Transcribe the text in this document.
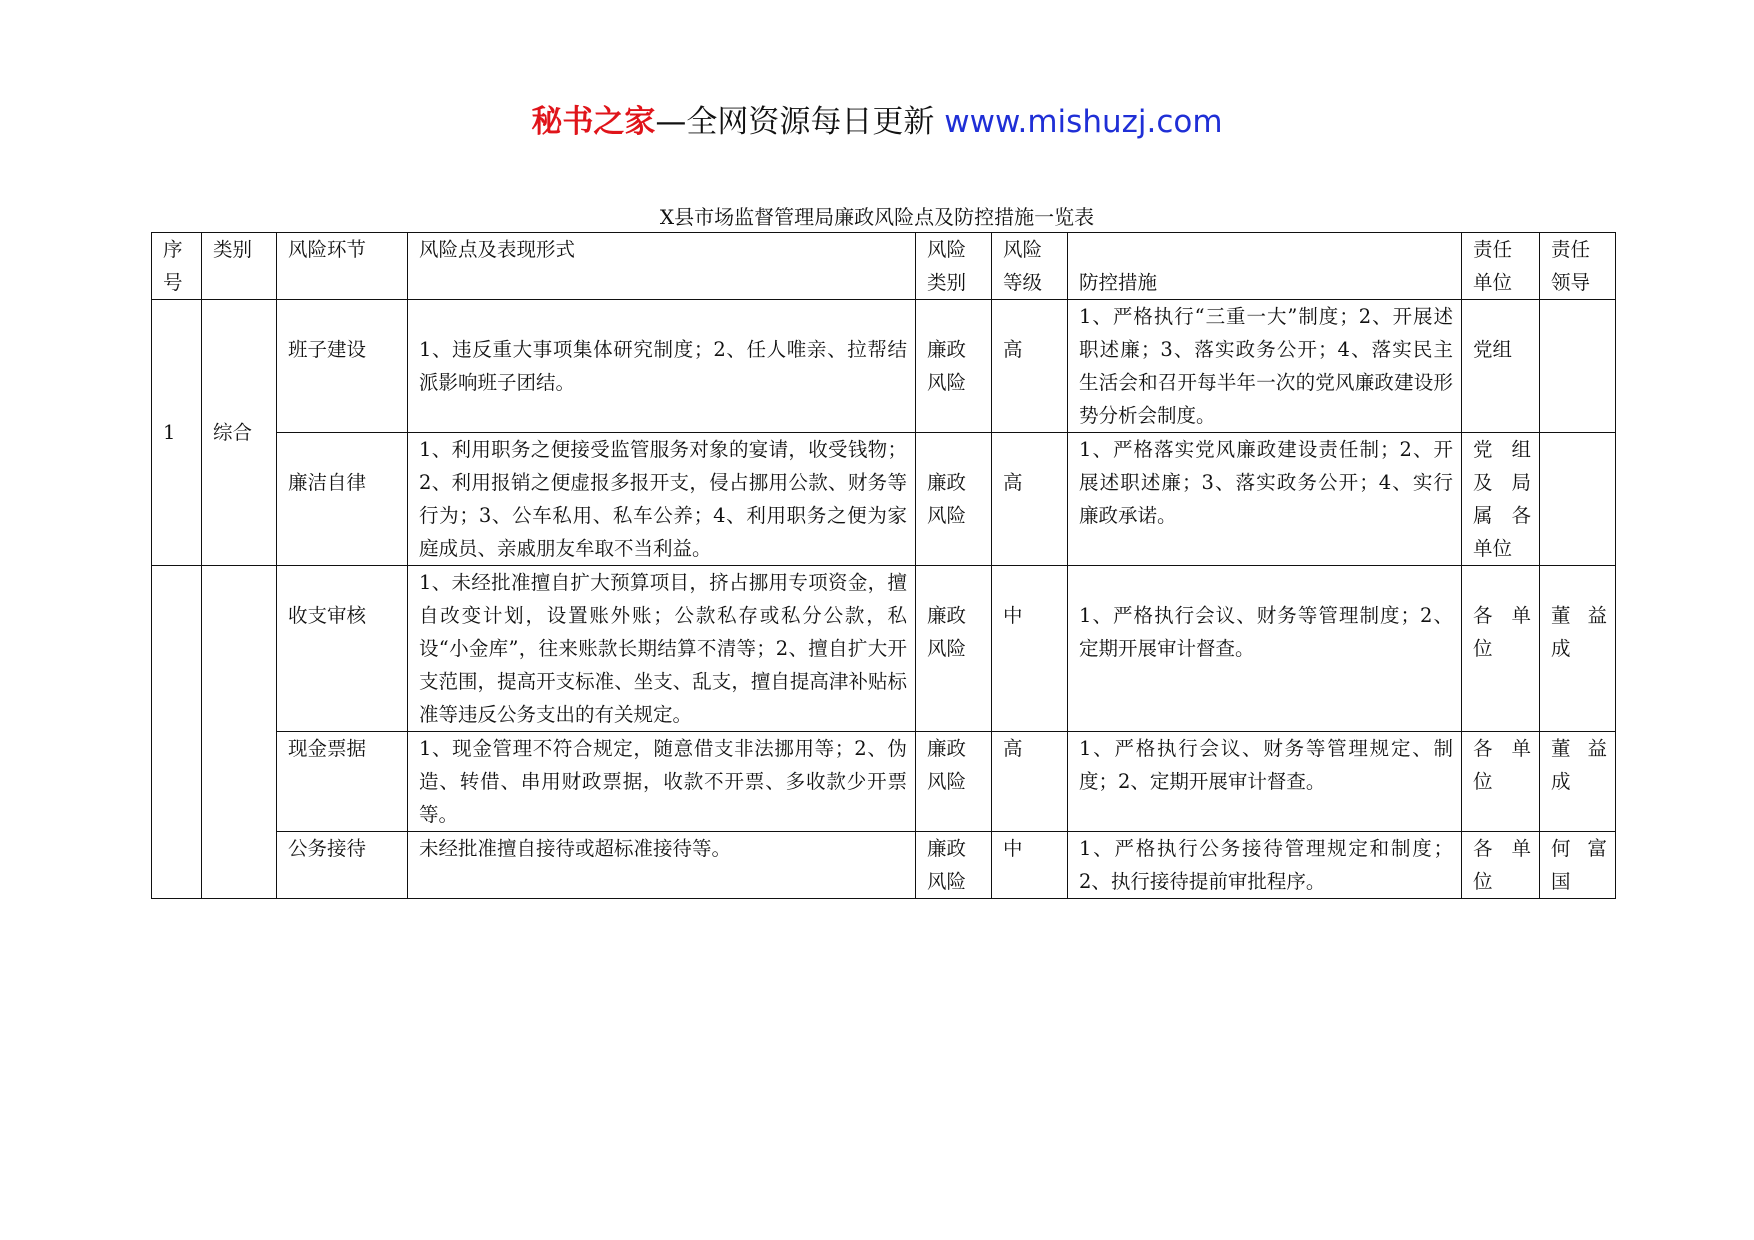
秘书之家—全网资源每日更新 www.mishuzj.com
X县市场监督管理局廉政风险点及防控措施一览表
序号	类别	风险环节	风险点及表现形式	风险类别	风险等级	防控措施	责任单位	责任领导
1	综合	班子建设	1、违反重大事项集体研究制度；2、任人唯亲、拉帮结派影响班子团结。	廉政风险	高	1、严格执行“三重一大”制度；2、开展述职述廉；3、落实政务公开；4、落实民主生活会和召开每半年一次的党风廉政建设形势分析会制度。	党组	
		廉洁自律	1、利用职务之便接受监管服务对象的宴请，收受钱物；2、利用报销之便虚报多报开支，侵占挪用公款、财务等行为；3、公车私用、私车公养；4、利用职务之便为家庭成员、亲戚朋友牟取不当利益。	廉政风险	高	1、严格落实党风廉政建设责任制；2、开展述职述廉；3、落实政务公开；4、实行廉政承诺。	党组及局属各单位	
		收支审核	1、未经批准擅自扩大预算项目，挤占挪用专项资金，擅自改变计划，设置账外账；公款私存或私分公款，私设“小金库”，往来账款长期结算不清等；2、擅自扩大开支范围，提高开支标准、坐支、乱支，擅自提高津补贴标准等违反公务支出的有关规定。	廉政风险	中	1、严格执行会议、财务等管理制度；2、定期开展审计督查。	各单位	董益成
		现金票据	1、现金管理不符合规定，随意借支非法挪用等；2、伪造、转借、串用财政票据，收款不开票、多收款少开票等。	廉政风险	高	1、严格执行会议、财务等管理规定、制度；2、定期开展审计督查。	各单位	董益成
		公务接待	未经批准擅自接待或超标准接待等。	廉政风险	中	1、严格执行公务接待管理规定和制度；2、执行接待提前审批程序。	各单位	何富国
